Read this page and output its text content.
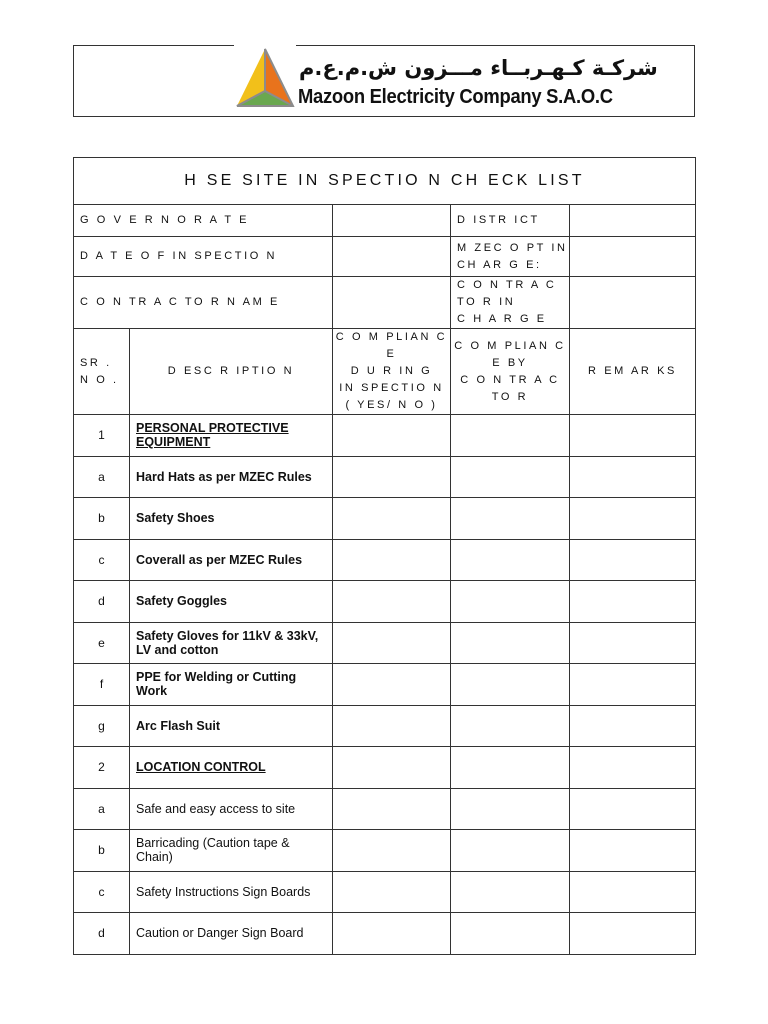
شركـة كـهـربــاء مـــزون ش.م.ع.م
Mazoon Electricity Company S.A.O.C
H SE SITE IN SPECTIO N CH ECK LIST				
G O V E R N O R A T E			D ISTR ICT	
D A T E O F IN SPECTIO N			M ZEC O PT IN
CH AR G E:	
C O N TR A C TO R N AM E			C O N TR A C TO R IN
C H A R G E	
SR .
N O .	D ESC R IPTIO N	C O M PLIAN C E
D U R IN G
IN SPECTIO N
( YES/ N O )	C O M PLIAN C E BY
C O N TR A C TO R	R EM AR KS
1	PERSONAL PROTECTIVE EQUIPMENT			
a	Hard Hats as per MZEC Rules			
b	Safety Shoes			
c	Coverall as per MZEC Rules			
d	Safety Goggles			
e	Safety Gloves for 11kV & 33kV, LV and cotton			
f	PPE for Welding or Cutting Work			
g	Arc Flash Suit			
2	LOCATION CONTROL			
a	Safe and easy access to site			
b	Barricading (Caution tape & Chain)			
c	Safety Instructions Sign Boards			
d	Caution or Danger Sign Board			
